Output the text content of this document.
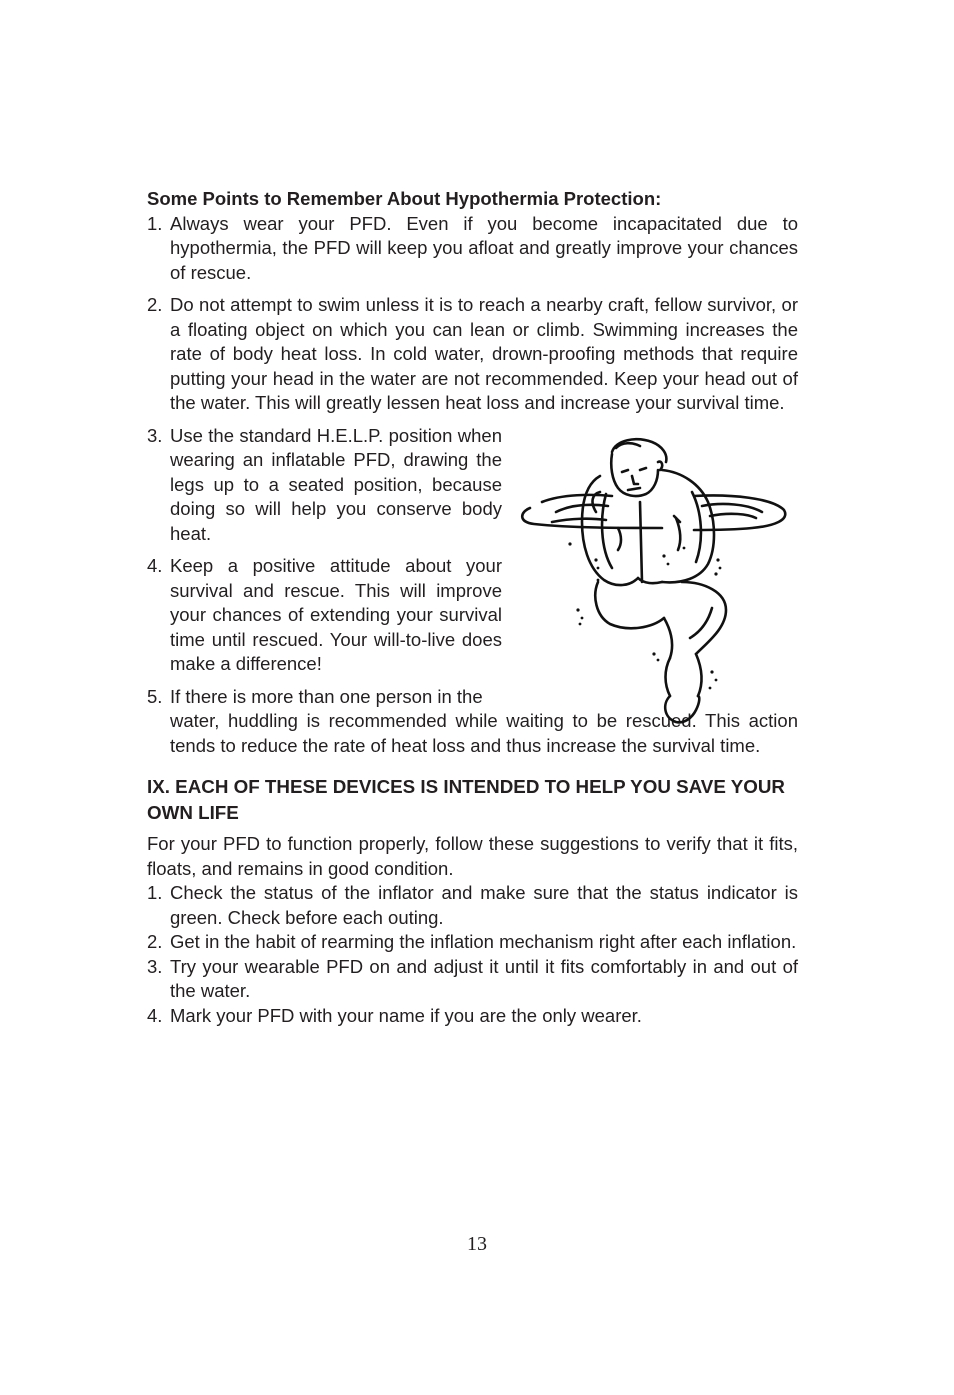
Some Points to Remember About Hypothermia Protection:

1. Always wear your PFD. Even if you become incapacitated due to hypothermia, the PFD will keep you afloat and greatly improve your chances of rescue.
2. Do not attempt to swim unless it is to reach a nearby craft, fellow survivor, or a floating object on which you can lean or climb. Swimming increases the rate of body heat loss. In cold water, drown-proofing methods that require putting your head in the water are not recommended. Keep your head out of the water. This will greatly lessen heat loss and increase your survival time.
3. Use the standard H.E.L.P. position when wearing an inflatable PFD, drawing the legs up to a seated position, because doing so will help you conserve body heat.
4. Keep a positive attitude about your survival and rescue. This will improve your chances of extending your survival time until rescued. Your will-to-live does make a difference!
5. If there is more than one person in the
water, huddling is recommended while waiting to be rescued. This action tends to reduce the rate of heat loss and thus increase the survival time.
IX. EACH OF THESE DEVICES IS INTENDED TO HELP YOU SAVE YOUR OWN LIFE
For your PFD to function properly, follow these suggestions to verify that it fits, floats, and remains in good condition.
1. Check the status of the inflator and make sure that the status indicator is green. Check before each outing.
2. Get in the habit of rearming the inflation mechanism right after each inflation.
3. Try your wearable PFD on and adjust it until it fits comfortably in and out of the water.
4. Mark your PFD with your name if you are the only wearer.
13
